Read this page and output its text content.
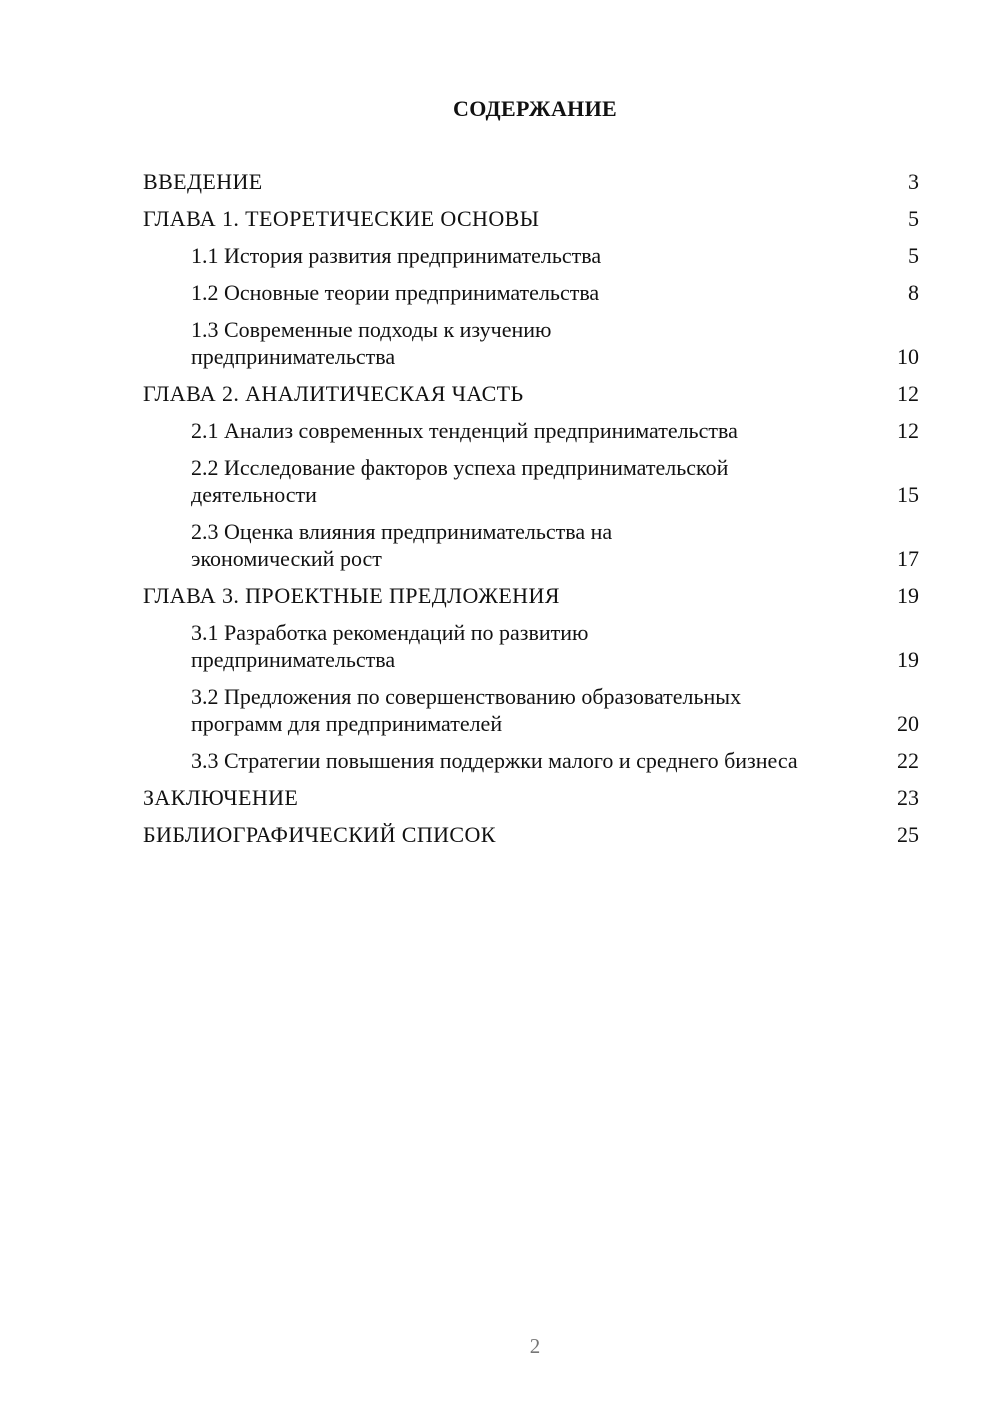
СОДЕРЖАНИЕ
ВВЕДЕНИЕ	3
ГЛАВА 1. ТЕОРЕТИЧЕСКИЕ ОСНОВЫ	5
1.1 История развития предпринимательства	5
1.2 Основные теории предпринимательства	8
1.3 Современные подходы к изучению предпринимательства	10
ГЛАВА 2. АНАЛИТИЧЕСКАЯ ЧАСТЬ	12
2.1 Анализ современных тенденций предпринимательства	12
2.2 Исследование факторов успеха предпринимательской деятельности	15
2.3 Оценка влияния предпринимательства на экономический рост	17
ГЛАВА 3. ПРОЕКТНЫЕ ПРЕДЛОЖЕНИЯ	19
3.1 Разработка рекомендаций по развитию предпринимательства	19
3.2 Предложения по совершенствованию образовательных программ для предпринимателей	20
3.3 Стратегии повышения поддержки малого и среднего бизнеса	22
ЗАКЛЮЧЕНИЕ	23
БИБЛИОГРАФИЧЕСКИЙ СПИСОК	25
2
